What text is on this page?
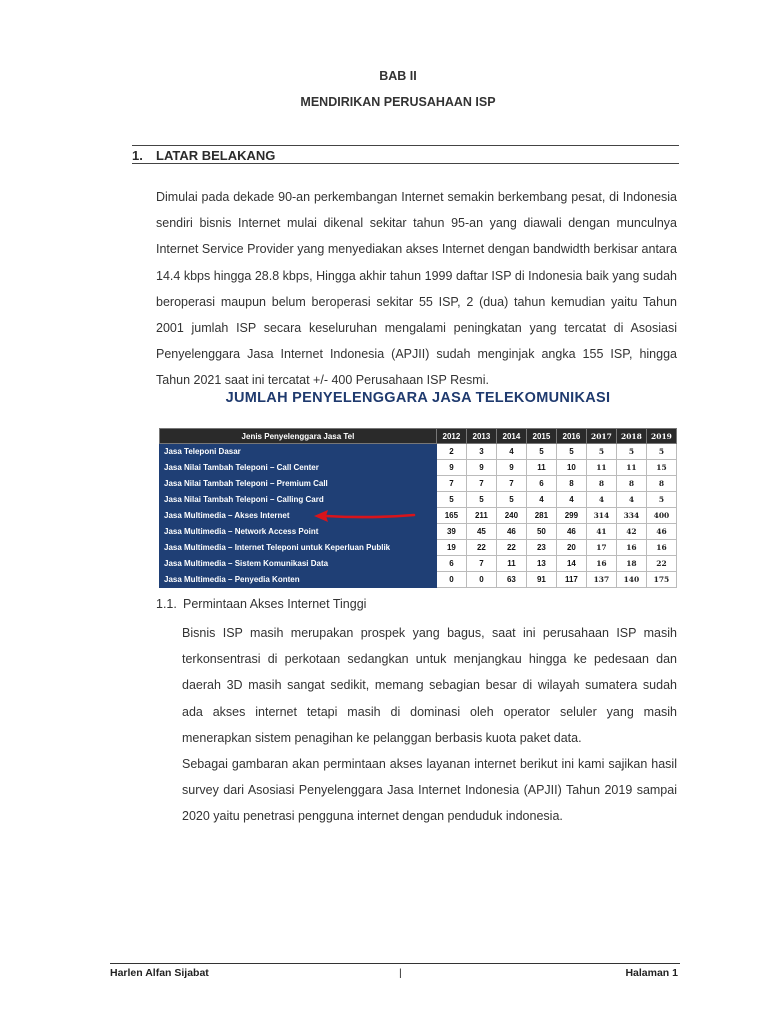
BAB II
MENDIRIKAN PERUSAHAAN ISP
1. LATAR BELAKANG

Dimulai pada dekade 90-an perkembangan Internet semakin berkembang pesat, di Indonesia sendiri bisnis Internet mulai dikenal sekitar tahun 95-an yang diawali dengan munculnya Internet Service Provider yang menyediakan akses Internet dengan bandwidth berkisar antara 14.4 kbps hingga 28.8 kbps, Hingga akhir tahun 1999 daftar ISP di Indonesia baik yang sudah beroperasi maupun belum beroperasi sekitar 55 ISP, 2 (dua) tahun kemudian yaitu Tahun 2001 jumlah ISP secara keseluruhan mengalami peningkatan yang tercatat di Asosiasi Penyelenggara Jasa Internet Indonesia (APJII) sudah menginjak angka 155 ISP, hingga Tahun 2021 saat ini tercatat +/- 400 Perusahaan ISP Resmi.

JUMLAH PENYELENGGARA JASA TELEKOMUNIKASI
Jenis Penyelenggara Jasa Tel	2012	2013	2014	2015	2016	2017	2018	2019
Jasa Teleponi Dasar	2	3	4	5	5	5	5	5
Jasa Nilai Tambah Teleponi – Call Center	9	9	9	11	10	11	11	15
Jasa Nilai Tambah Teleponi – Premium Call	7	7	7	6	8	8	8	8
Jasa Nilai Tambah Teleponi – Calling Card	5	5	5	4	4	4	4	5
Jasa Multimedia – Akses Internet	165	211	240	281	299	314	334	400
Jasa Multimedia – Network Access Point	39	45	46	50	46	41	42	46
Jasa Multimedia – Internet Teleponi untuk Keperluan Publik	19	22	22	23	20	17	16	16
Jasa Multimedia – Sistem Komunikasi Data	6	7	11	13	14	16	18	22
Jasa Multimedia – Penyedia Konten	0	0	63	91	117	137	140	175
1.1. Permintaan Akses Internet Tinggi
Bisnis ISP masih merupakan prospek yang bagus, saat ini perusahaan ISP masih terkonsentrasi di perkotaan sedangkan untuk menjangkau hingga ke pedesaan dan daerah 3D masih sangat sedikit, memang sebagian besar di wilayah sumatera sudah ada akses internet tetapi masih di dominasi oleh operator seluler yang masih menerapkan sistem penagihan ke pelanggan berbasis kuota paket data.
Sebagai gambaran akan permintaan akses layanan internet berikut ini kami sajikan hasil survey dari Asosiasi Penyelenggara Jasa Internet Indonesia (APJII) Tahun 2019 sampai 2020 yaitu penetrasi pengguna internet dengan penduduk indonesia.
Harlen Alfan Sijabat	|	Halaman 1
